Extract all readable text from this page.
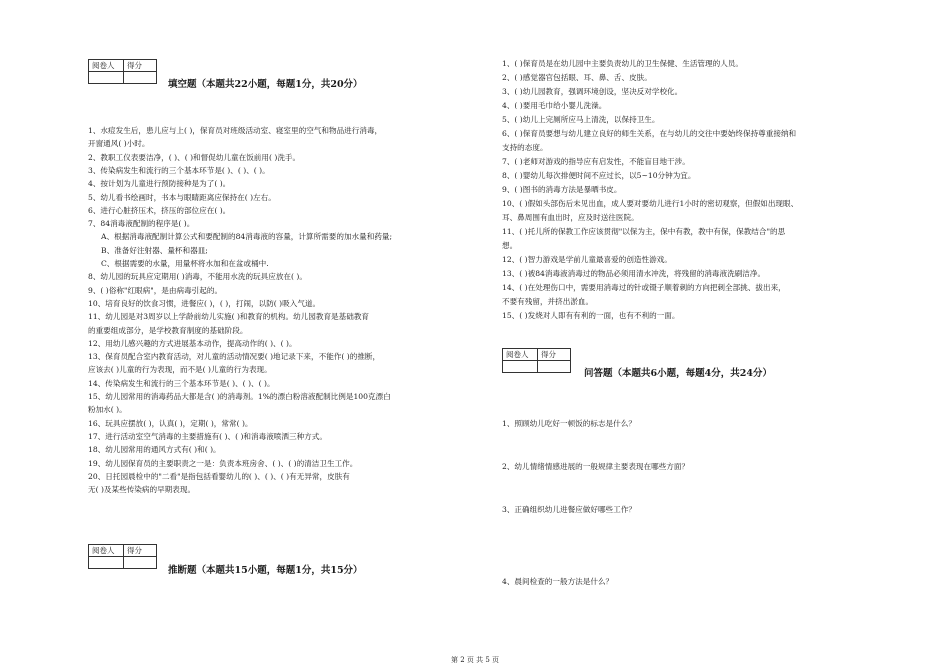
阅卷人	得分

填空题（本题共22小题，每题1分，共20分）
1、水痘发生后，患儿应与上( )，保育员对班级活动室、寝室里的空气和物品进行消毒，
开窗通风( )小时。
2、教职工仪表要洁净，( )、( )和督促幼儿童在饭前用( )洗手。
3、传染病发生和流行的三个基本环节是( )、( )、( )。
4、按计划为儿童进行预防接种是为了( )。
5、幼儿看书绘画时，书本与眼睛距离应保持在( )左右。
6、进行心脏挤压术，挤压的部位应在( )。
7、84消毒液配制的程序是( )。
A、根据消毒液配制计算公式和要配制的84消毒液的容量，计算所需要的加水量和药量;
B、准备好注射器、量杯和器皿;
C、根据需要的水量，用量杯将水加和在盆或桶中.
8、幼儿园的玩具应定期用( )消毒，不能用水洗的玩具应放在( )。
9、( )俗称"红眼病"，是由病毒引起的。
10、培育良好的饮食习惯，进餐应( )，( )，打闹，以防( )吸入气道。
11、幼儿园是对3周岁以上学龄前幼儿实施( )和教育的机构。幼儿园教育是基础教育
的重要组成部分，是学校教育制度的基础阶段。
12、用幼儿感兴趣的方式进展基本动作，提高动作的( )、( )。
13、保育员配合室内教育活动，对儿童的活动情况要( )地记录下来，不能作( )的推断，
应该去( )儿童的行为表现，而不是( )儿童的行为表现。
14、传染病发生和流行的三个基本环节是( )、( )、( )。
15、幼儿园常用的消毒药品大都是含( )的消毒剂。1%的漂白粉溶液配制比例是100克漂白
粉加水( )。
16、玩具应摆放( )，认真( )，定期( )，常常( )。
17、进行活动室空气消毒的主要措施有( )、( )和消毒液喷洒三种方式。
18、幼儿园常用的通风方式有( )和( )。
19、幼儿园保育员的主要职责之一是：负责本班房舍、( )、( )的清洁卫生工作。
20、日托园晨检中的"二看"是指包括看婴幼儿的( )、( )、( )有无异常，皮肤有
无( )及某些传染病的早期表现。
阅卷人	得分

推断题（本题共15小题，每题1分，共15分）
1、( )保育员是在幼儿园中主要负责幼儿的卫生保健、生活管理的人员。
2、( )感觉器官包括眼、耳、鼻、舌、皮肤。
3、( )幼儿园教育，强调环境创设，坚决反对学校化。
4、( )要用毛巾给小婴儿洗澡。
5、( )幼儿上完厕所应马上清洗，以保持卫生。
6、( )保育员要想与幼儿建立良好的师生关系，在与幼儿的交往中要始终保持尊重接纳和
支持的态度。
7、( )老师对游戏的指导应有启发性，不能盲目地干涉。
8、( )婴幼儿每次排便时间不应过长，以5~10分钟为宜。
9、( )图书的消毒方法是暴晒书皮。
10、( )假如头部伤后未见出血，成人要对要幼儿进行1小时的密切观察，但假如出现眼、
耳、鼻周围有血出时，应及时送往医院。
11、( )托儿所的保教工作应该贯彻"以保为主，保中有教，教中有保，保教结合"的思
想。
12、( )智力游戏是学前儿童最喜爱的创造性游戏。
13、( )被84消毒液消毒过的物品必须用清水冲洗，将残留的消毒液洗刷洁净。
14、( )在处理伤口中，需要用消毒过的针或镊子顺着刺的方向把刺全部挑、拔出来，
不要有残留，并挤出淤血。
15、( )发烧对人即有有利的一面，也有不利的一面。
阅卷人	得分

问答题（本题共6小题，每题4分，共24分）
1、照顾幼儿吃好一顿饭的标志是什么？
2、幼儿情绪情感进展的一般规律主要表现在哪些方面？
3、正确组织幼儿进餐应做好哪些工作？
4、晨间检查的一般方法是什么？
第 2 页 共 5 页
